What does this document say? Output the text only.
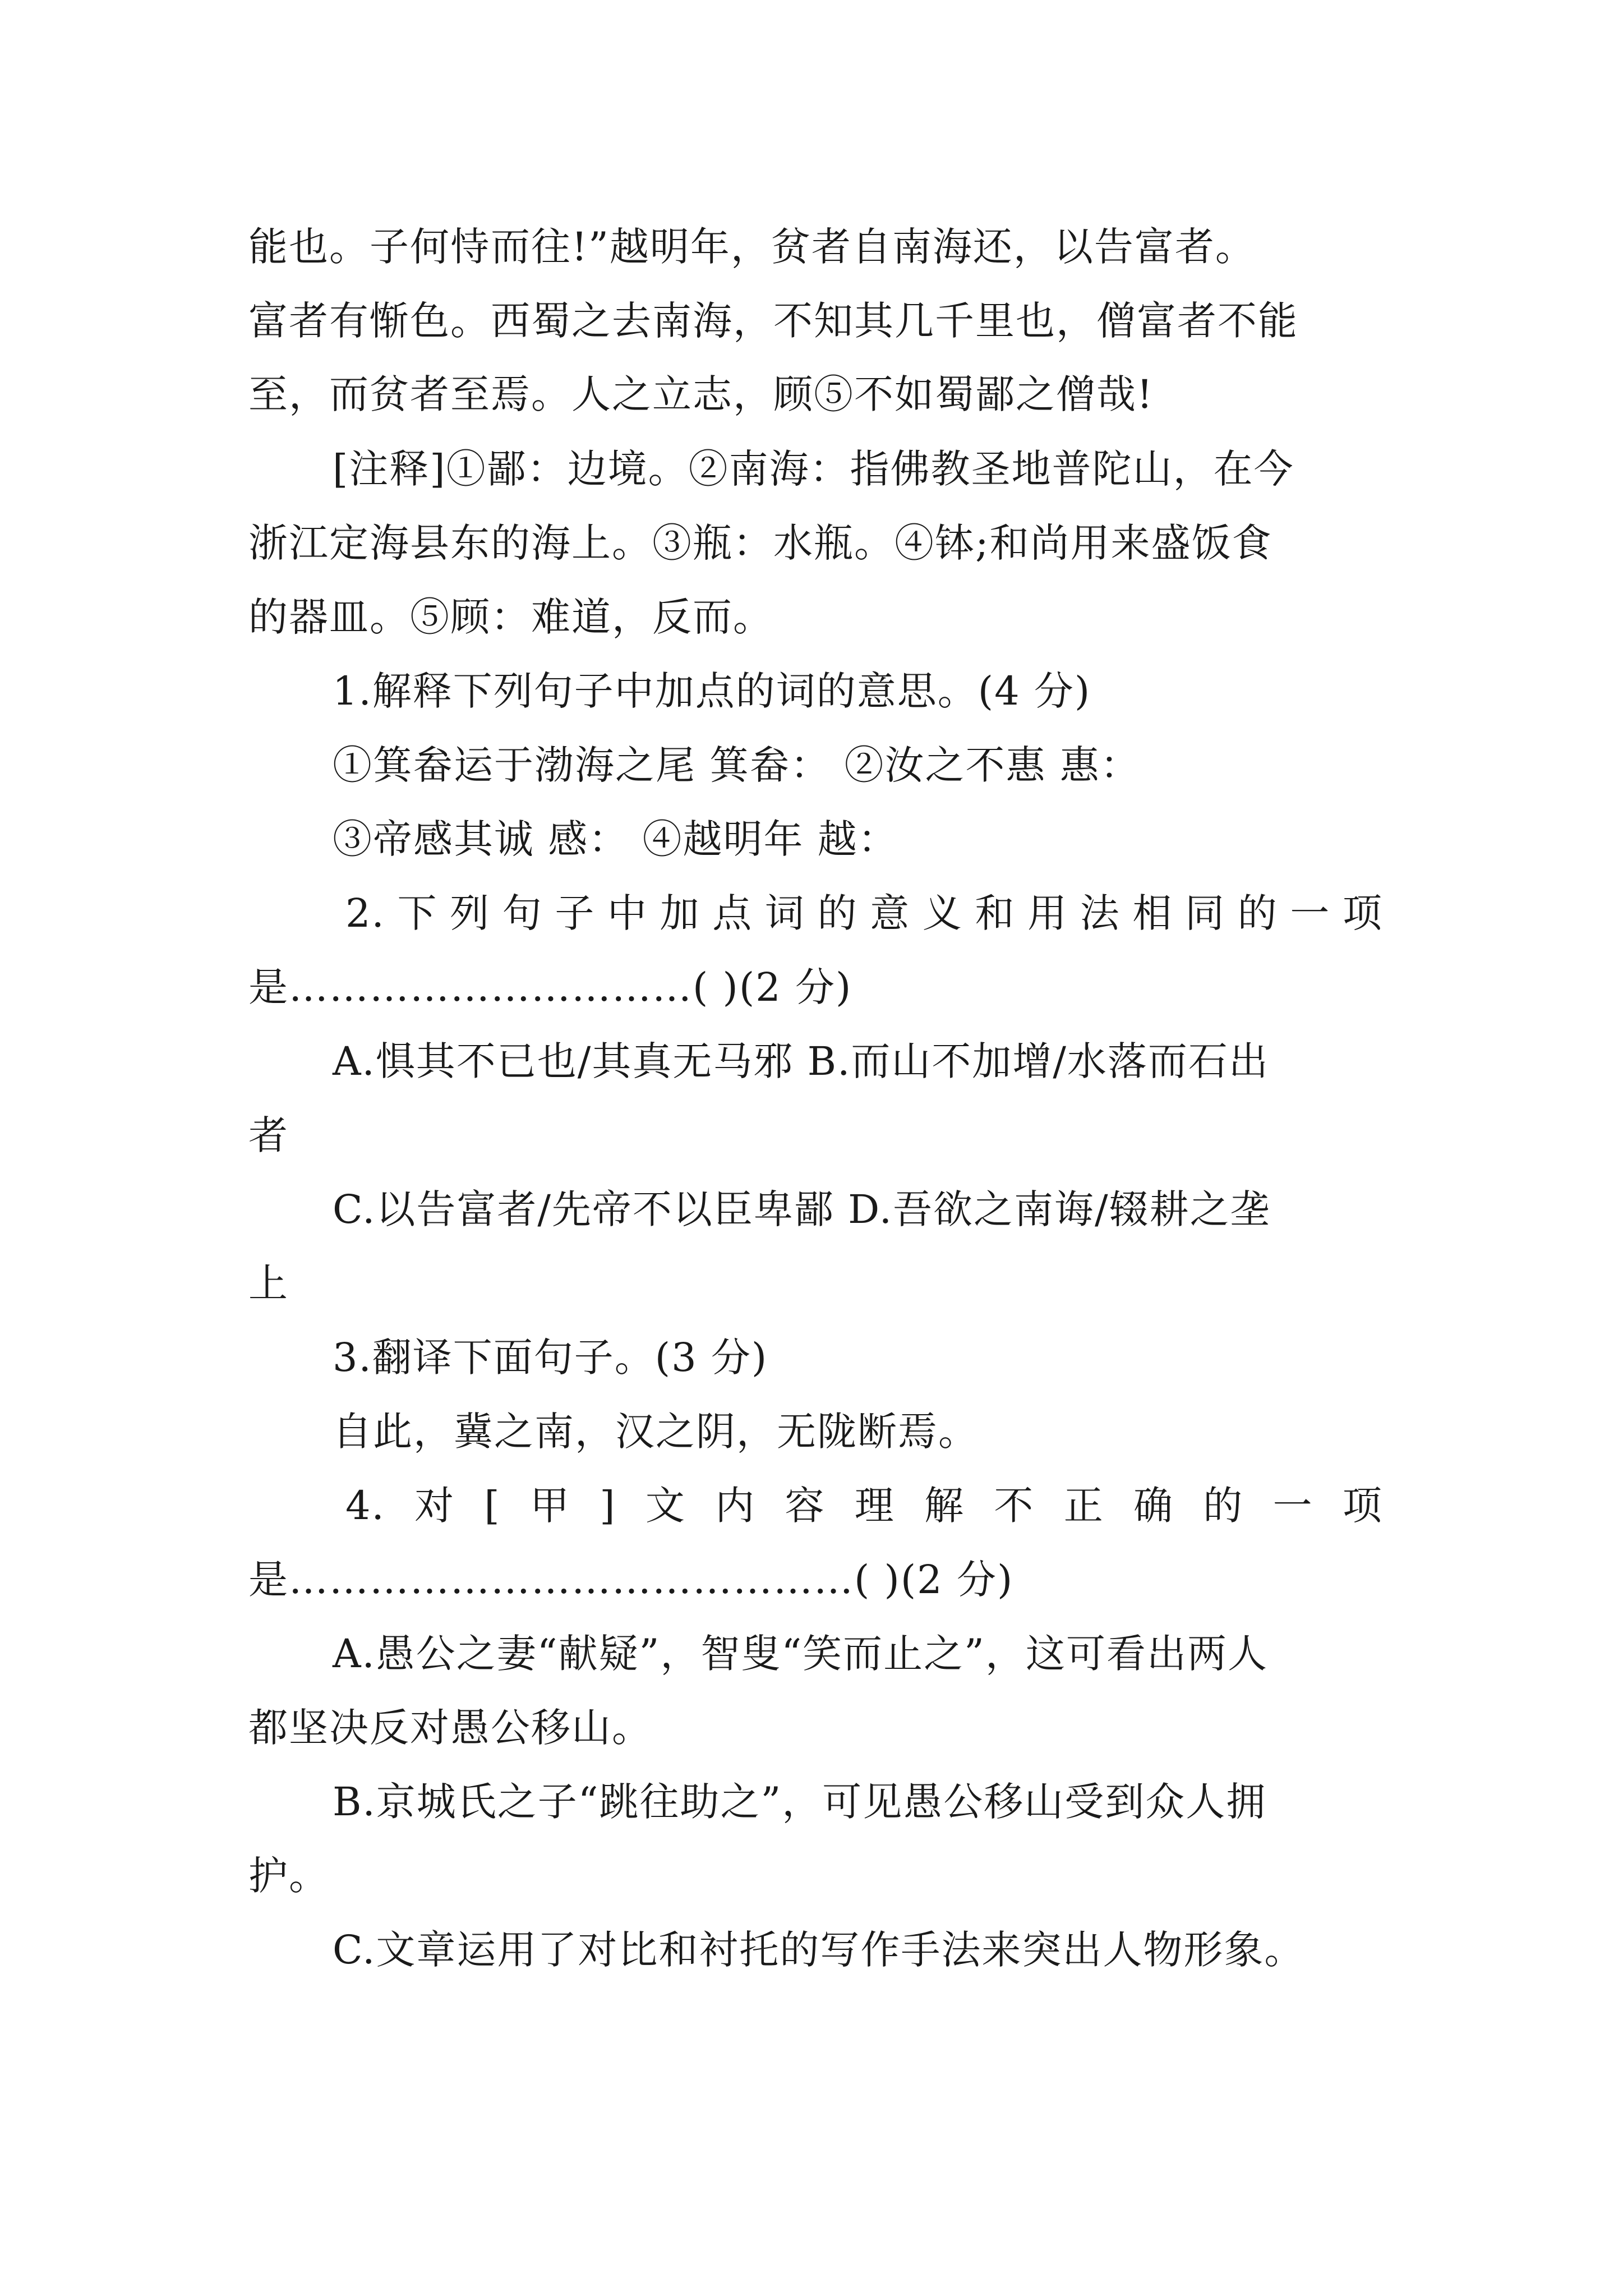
能也。子何恃而往!”越明年，贫者自南海还，以告富者。
富者有惭色。西蜀之去南海，不知其几千里也，僧富者不能
至，而贫者至焉。人之立志，顾⑤不如蜀鄙之僧哉!
[注释]①鄙：边境。②南海：指佛教圣地普陀山，在今
浙江定海县东的海上。③瓶：水瓶。④钵;和尚用来盛饭食
的器皿。⑤顾：难道，反而。
1.解释下列句子中加点的词的意思。(4 分)
①箕畚运于渤海之尾 箕畚： ②汝之不惠 惠：
③帝感其诚 感： ④越明年 越：
2. 下 列 句 子 中 加 点 词 的 意 义 和 用 法 相 同 的 一 项
是…………………………( )(2 分)
A.惧其不已也/其真无马邪 B.而山不加增/水落而石出
者
C.以告富者/先帝不以臣卑鄙 D.吾欲之南诲/辍耕之垄
上
3.翻译下面句子。(3 分)
自此，冀之南，汉之阴，无陇断焉。
4. 对 [ 甲 ] 文 内 容 理 解 不 正 确 的 一 项
是……………………………………( )(2 分)
A.愚公之妻“献疑”，智叟“笑而止之”，这可看出两人
都坚决反对愚公移山。
B.京城氏之子“跳往助之”，可见愚公移山受到众人拥
护。
C.文章运用了对比和衬托的写作手法来突出人物形象。
